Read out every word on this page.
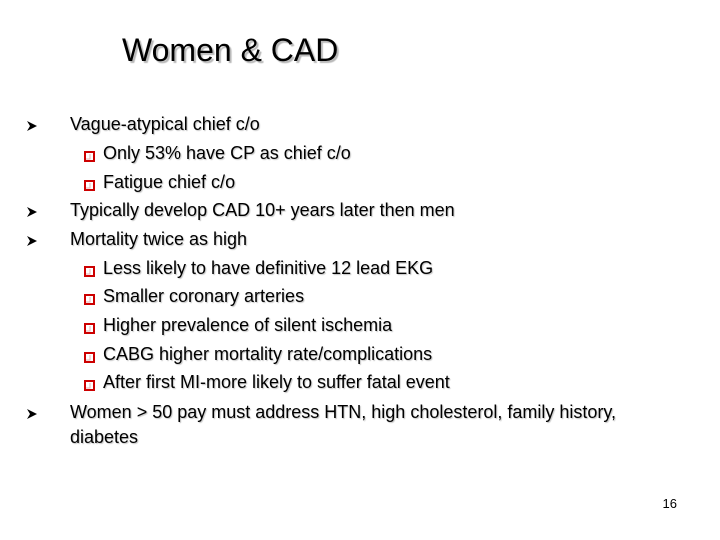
Women & CAD
Vague-atypical chief c/o
Only 53% have CP as chief c/o
Fatigue chief c/o
Typically develop CAD 10+ years later then men
Mortality twice as high
Less likely to have definitive 12 lead EKG
Smaller coronary arteries
Higher prevalence of silent ischemia
CABG higher mortality rate/complications
After first MI-more likely to suffer fatal event
Women > 50 pay must address HTN, high cholesterol, family history,
diabetes
16
